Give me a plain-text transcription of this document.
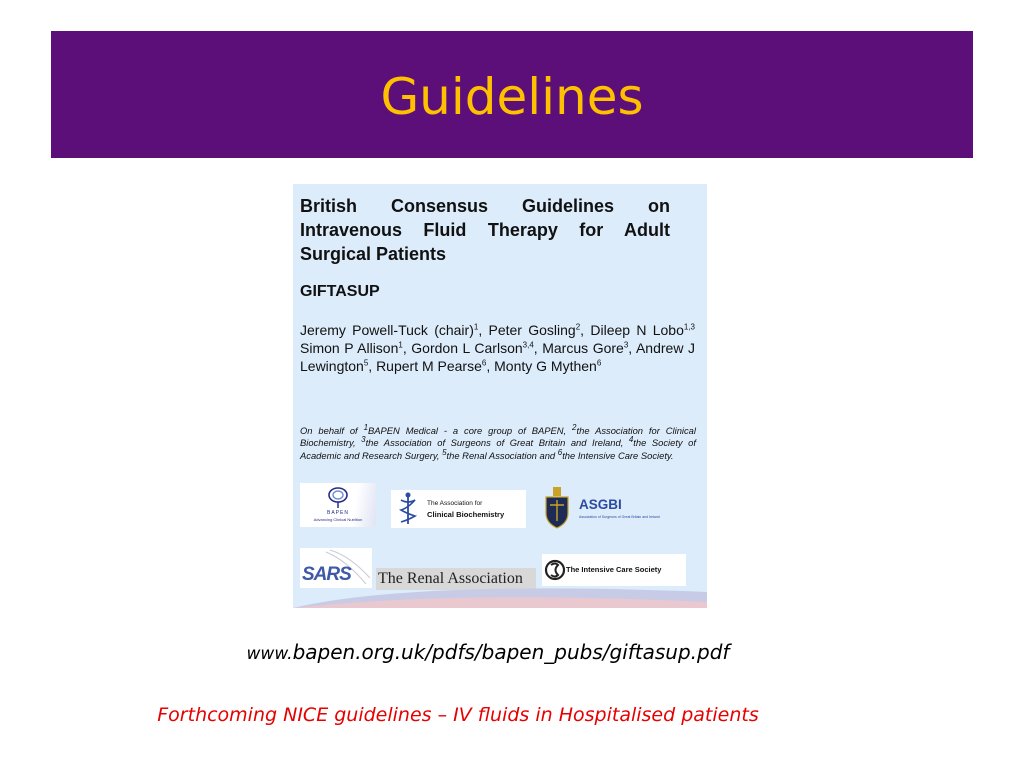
Guidelines
British Consensus Guidelines on Intravenous Fluid Therapy for Adult Surgical Patients
GIFTASUP
Jeremy Powell-Tuck (chair)$^1$, Peter Gosling$^2$, Dileep N Lobo$^{1,3}$ Simon P Allison$^1$, Gordon L Carlson$^{3,4}$, Marcus Gore$^3$, Andrew J Lewington$^5$, Rupert M Pearse$^6$, Monty G Mythen$^6$
On behalf of $^1$BAPEN Medical - a core group of BAPEN, $^2$the Association for Clinical Biochemistry, $^3$the Association of Surgeons of Great Britain and Ireland, $^4$the Society of Academic and Research Surgery, $^5$the Renal Association and $^6$the Intensive Care Society.
BAPEN
Advancing Clinical Nutrition
The Association for
Clinical Biochemistry
ASGBI
Association of Surgeons of Great Britain and Ireland
SARS The Renal Association
The Intensive Care Society
www.bapen.org.uk/pdfs/bapen_pubs/giftasup.pdf
Forthcoming NICE guidelines – IV fluids in Hospitalised patients
